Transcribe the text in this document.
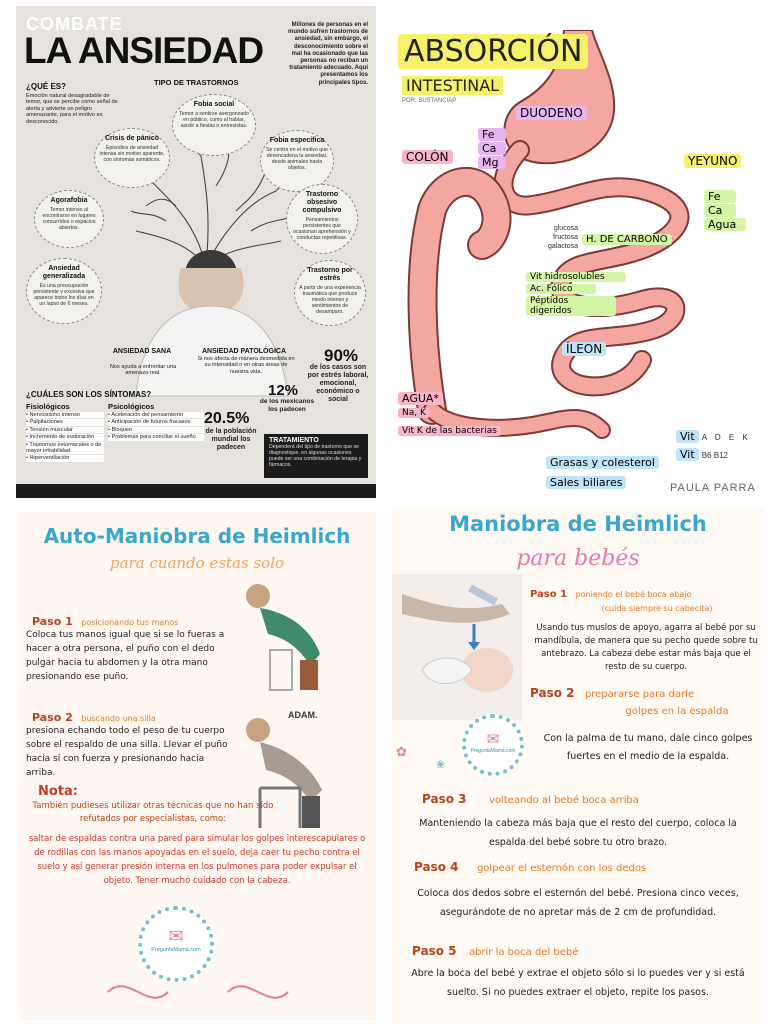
COMBATE
LA ANSIEDAD
Millones de personas en el mundo sufren trastornos de ansiedad, sin embargo, el desconocimiento sobre el mal ha ocasionado que las personas no reciban un tratamiento adecuado. Aquí presentamos los principales tipos.
TIPO DE TRASTORNOS
¿QUÉ ES?
Emoción natural desagradable de temor, que se percibe como señal de alerta y advierte un peligro amenazante, para el motivo es desconocido.
Fobia social
Temor a sentirse avergonzado en público, como al hablar, asistir a fiestas o entrevistas.
Crisis de pánico
Episodios de ansiedad intensa sin motivo aparente, con síntomas somáticos.
Fobia específica
Se centra en el motivo que desencadena la ansiedad, desde animales hasta objetos.
Agorafobia
Temor intenso al encontrarse en lugares concurridos o espacios abiertos.
Trastorno obsesivo compulsivo
Pensamientos persistentes que ocasionan aprehensión y conductas repetitivas.
Ansiedad generalizada
Es una preocupación persistente y excesiva que aparece todos los días en un lapso de 6 meses.
Trastorno por estrés
A partir de una experiencia traumática que produce miedo intenso y sentimientos de desamparo.
ANSIEDAD SANA
Nos ayuda a enfrentar una amenaza real.
ANSIEDAD PATOLÓGICA
Si nos afecta de manera desmedida en su intensidad o en otras áreas de nuestra vida.
90%
de los casos son por estrés laboral, emocional, económico o social
¿CUÁLES SON LOS SÍNTOMAS?
Fisiológicos
• Nerviosismo intenso
• Palpitaciones
• Tensión muscular
• Incremento de sudoración
• Trastornos estomacales o de mayor irritabilidad
• Hiperventilación
Psicológicos
• Aceleración del pensamiento
• Anticipación de futuros fracasos
• Bloqueo
• Problemas para conciliar el sueño
12%
de los mexicanos los padecen
20.5%
de la población mundial los padecen
TRATAMIENTO
Dependerá del tipo de trastorno que se diagnostique, en algunas ocasiones puede ser una combinación de terapia y fármacos.
ABSORCIÓN
INTESTINAL
POR: SUSTANCIAP
DUODENO
COLÓN	YEYUNO
ÍLEON
Fe
Ca
Mg
Fe
Ca
Agua
glucosa
fructosa
galactosa
H. DE CARBONO
Vit hidrosolubles
Ac. Fólico
Péptidos digeridos
AGUA*
Na, K
Vit K de las bacterias
Grasas y colesterol
Sales biliares
Vit A D E K
Vit B6 B12
PAULA PARRA
Auto-Maniobra de Heimlich
para cuando estas solo
ADAM.
Paso 1 posicionando tus manos
Coloca tus manos igual que si se lo fueras a hacer a otra persona, el puño con el dedo pulgar hacia tu abdomen y la otra mano presionando ese puño.
Paso 2 buscando una silla
presiona echando todo el peso de tu cuerpo sobre el respaldo de una silla. Llevar el puño hacia sí con fuerza y presionando hacia arriba.
Nota:
También pudieses utilizar otras técnicas que no han sido refutados por especialistas, como:
saltar de espaldas contra una pared para simular los golpes interescapulares o de rodillas con las manos apoyadas en el suelo, deja caer tu pecho contra el suelo y así generar presión interna en los pulmones para poder expulsar el objeto. Tener mucho cuidado con la cabeza.
✉
PreguntaMamá.com
Maniobra de Heimlich
para bebés
Paso 1 poniendo el bebé boca abajo
(cuida siempre su cabecita)
Usando tus muslos de apoyo, agarra al bebé por su mandíbula, de manera que su pecho quede sobre tu antebrazo. La cabeza debe estar más baja que el resto de su cuerpo.
Paso 2 prepararse para darle
golpes en la espalda
✉
PreguntaMamá.com
✿
❀
Con la palma de tu mano, dale cinco golpes fuertes en el medio de la espalda.
Paso 3 volteando al bebé boca arriba
Manteniendo la cabeza más baja que el resto del cuerpo, coloca la espalda del bebé sobre tu otro brazo.
Paso 4 golpear el esternón con los dedos
Coloca dos dedos sobre el esternón del bebé. Presiona cinco veces, asegurándote de no apretar más de 2 cm de profundidad.
Paso 5 abrir la boca del bebé
Abre la boca del bebé y extrae el objeto sólo si lo puedes ver y si está suelto. Si no puedes extraer el objeto, repite los pasos.
